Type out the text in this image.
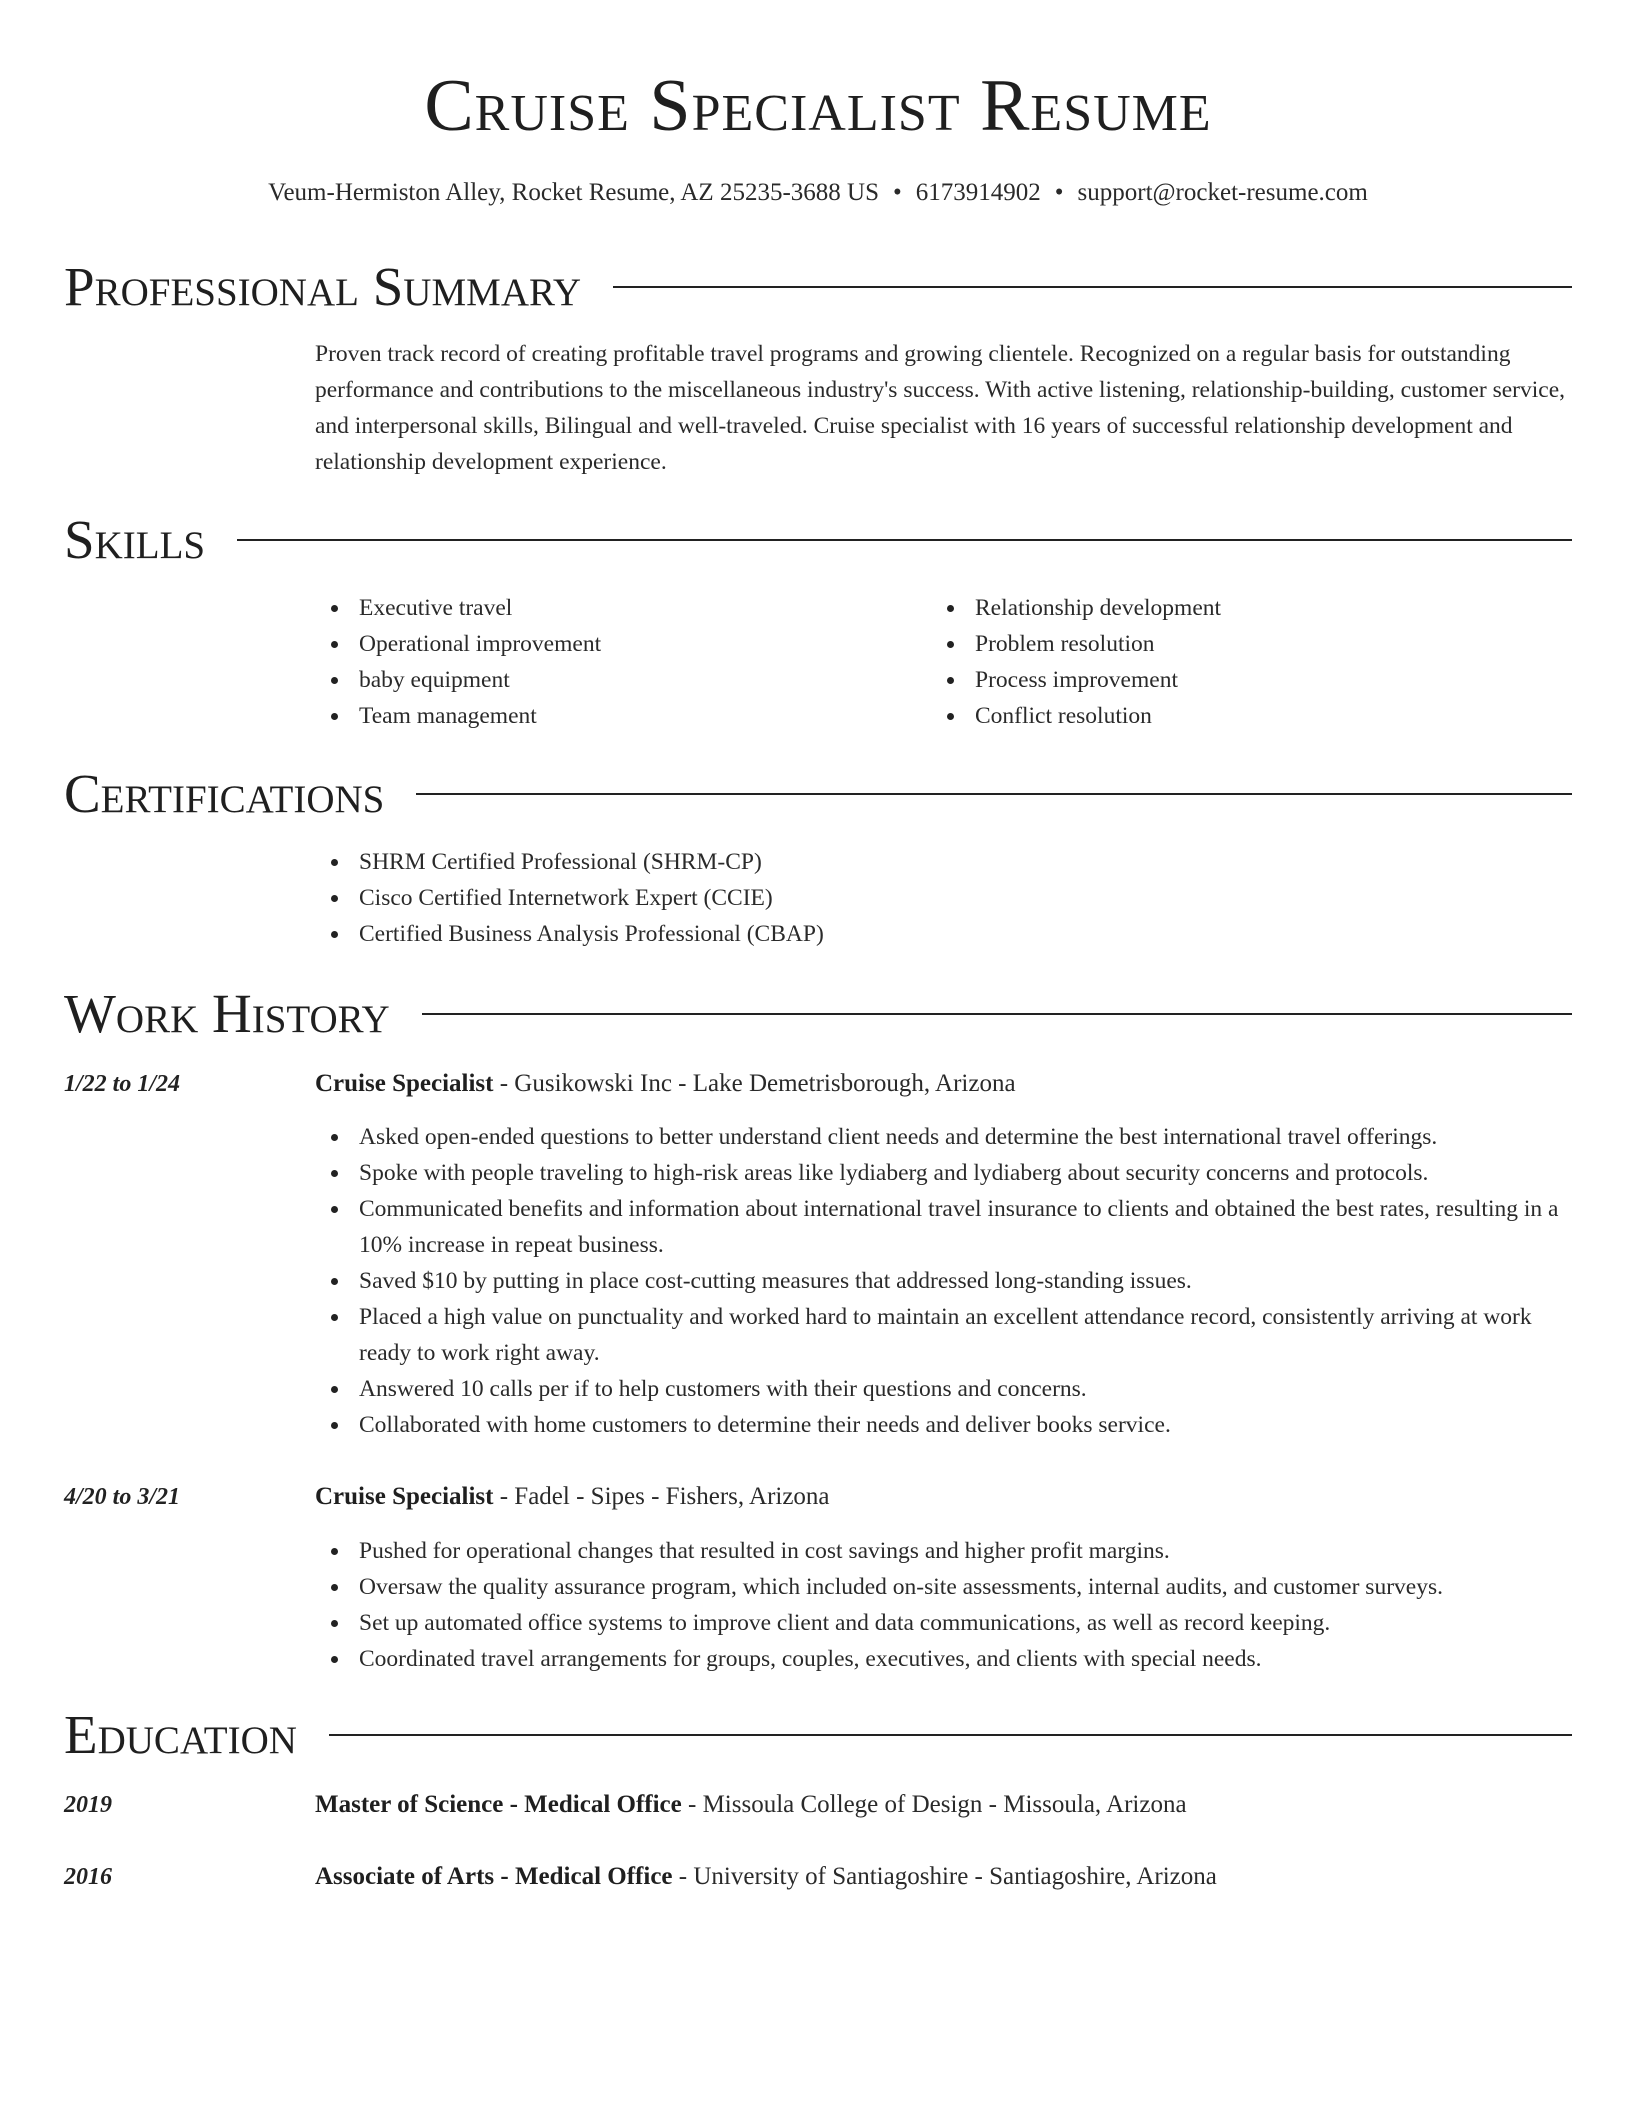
Cruise Specialist Resume
Veum-Hermiston Alley, Rocket Resume, AZ 25235-3688 US • 6173914902 • support@rocket-resume.com
Professional Summary
Proven track record of creating profitable travel programs and growing clientele. Recognized on a regular basis for outstanding performance and contributions to the miscellaneous industry's success. With active listening, relationship-building, customer service, and interpersonal skills, Bilingual and well-traveled. Cruise specialist with 16 years of successful relationship development and relationship development experience.
Skills
Executive travel
Operational improvement
baby equipment
Team management
Relationship development
Problem resolution
Process improvement
Conflict resolution
Certifications
SHRM Certified Professional (SHRM-CP)
Cisco Certified Internetwork Expert (CCIE)
Certified Business Analysis Professional (CBAP)
Work History
1/22 to 1/24	Cruise Specialist - Gusikowski Inc - Lake Demetrisborough, Arizona
Asked open-ended questions to better understand client needs and determine the best international travel offerings.
Spoke with people traveling to high-risk areas like lydiaberg and lydiaberg about security concerns and protocols.
Communicated benefits and information about international travel insurance to clients and obtained the best rates, resulting in a 10% increase in repeat business.
Saved $10 by putting in place cost-cutting measures that addressed long-standing issues.
Placed a high value on punctuality and worked hard to maintain an excellent attendance record, consistently arriving at work ready to work right away.
Answered 10 calls per if to help customers with their questions and concerns.
Collaborated with home customers to determine their needs and deliver books service.
4/20 to 3/21	Cruise Specialist - Fadel - Sipes - Fishers, Arizona
Pushed for operational changes that resulted in cost savings and higher profit margins.
Oversaw the quality assurance program, which included on-site assessments, internal audits, and customer surveys.
Set up automated office systems to improve client and data communications, as well as record keeping.
Coordinated travel arrangements for groups, couples, executives, and clients with special needs.
Education
2019	Master of Science - Medical Office - Missoula College of Design - Missoula, Arizona
2016	Associate of Arts - Medical Office - University of Santiagoshire - Santiagoshire, Arizona
